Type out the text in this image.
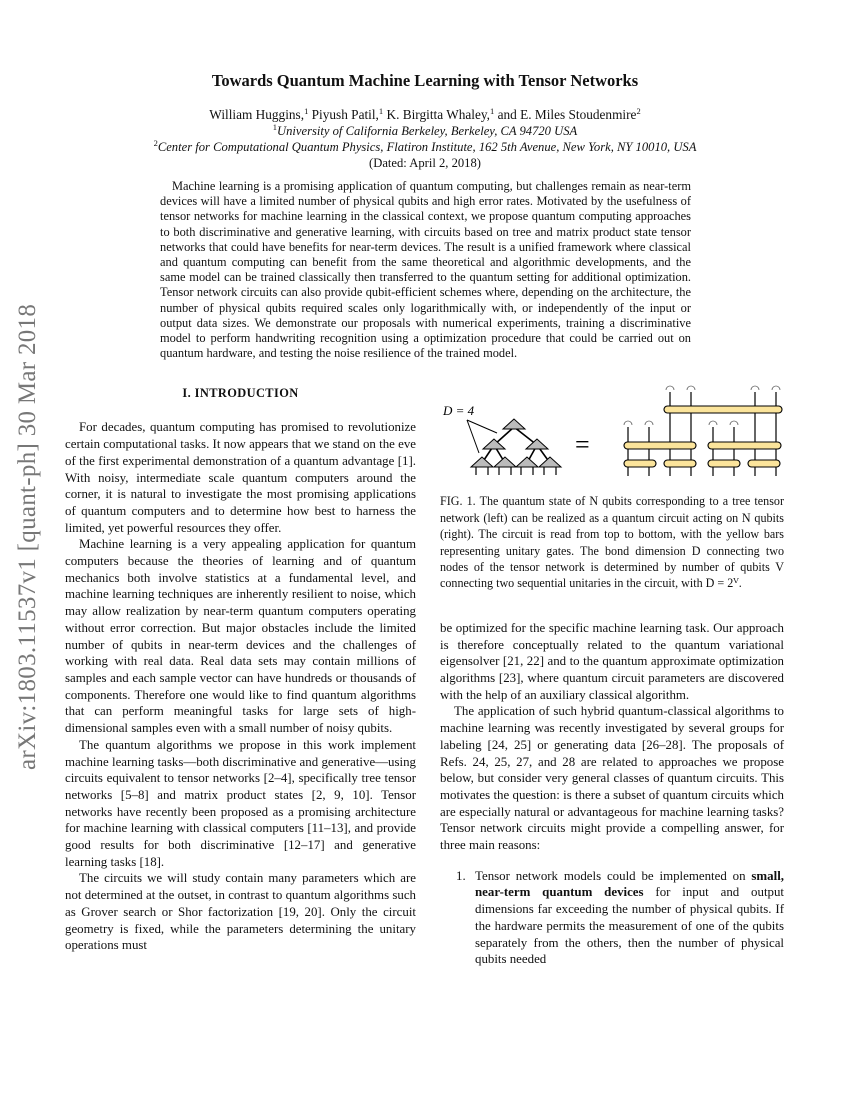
arXiv:1803.11537v1 [quant-ph] 30 Mar 2018
Towards Quantum Machine Learning with Tensor Networks
William Huggins,$^1$ Piyush Patil,$^1$ K. Birgitta Whaley,$^1$ and E. Miles Stoudenmire$^2$
$^1$University of California Berkeley, Berkeley, CA 94720 USA
$^2$Center for Computational Quantum Physics, Flatiron Institute, 162 5th Avenue, New York, NY 10010, USA
(Dated: April 2, 2018)
Machine learning is a promising application of quantum computing, but challenges remain as near-term devices will have a limited number of physical qubits and high error rates. Motivated by the usefulness of tensor networks for machine learning in the classical context, we propose quantum computing approaches to both discriminative and generative learning, with circuits based on tree and matrix product state tensor networks that could have benefits for near-term devices. The result is a unified framework where classical and quantum computing can benefit from the same theoretical and algorithmic developments, and the same model can be trained classically then transferred to the quantum setting for additional optimization. Tensor network circuits can also provide qubit-efficient schemes where, depending on the architecture, the number of physical qubits required scales only logarithmically with, or independently of the input or output data sizes. We demonstrate our proposals with numerical experiments, training a discriminative model to perform handwriting recognition using a optimization procedure that could be carried out on quantum hardware, and testing the noise resilience of the trained model.
I. INTRODUCTION

For decades, quantum computing has promised to revolutionize certain computational tasks. It now appears that we stand on the eve of the first experimental demonstration of a quantum advantage [1]. With noisy, intermediate scale quantum computers around the corner, it is natural to investigate the most promising applications of quantum computers and to determine how best to harness the limited, yet powerful resources they offer.

Machine learning is a very appealing application for quantum computers because the theories of learning and of quantum mechanics both involve statistics at a fundamental level, and machine learning techniques are inherently resilient to noise, which may allow realization by near-term quantum computers operating without error correction. But major obstacles include the limited number of qubits in near-term devices and the challenges of working with real data. Real data sets may contain millions of samples and each sample vector can have hundreds or thousands of components. Therefore one would like to find quantum algorithms that can perform meaningful tasks for large sets of high-dimensional samples even with a small number of noisy qubits.

The quantum algorithms we propose in this work implement machine learning tasks—both discriminative and generative—using circuits equivalent to tensor networks [2–4], specifically tree tensor networks [5–8] and matrix product states [2, 9, 10]. Tensor networks have recently been proposed as a promising architecture for machine learning with classical computers [11–13], and provide good results for both discriminative [12–17] and generative learning tasks [18].

The circuits we will study contain many parameters which are not determined at the outset, in contrast to quantum algorithms such as Grover search or Shor factorization [19, 20]. Only the circuit geometry is fixed, while the parameters determining the unitary operations must

D = 4
=
FIG. 1. The quantum state of N qubits corresponding to a tree tensor network (left) can be realized as a quantum circuit acting on N qubits (right). The circuit is read from top to bottom, with the yellow bars representing unitary gates. The bond dimension D connecting two nodes of the tensor network is determined by number of qubits V connecting two sequential unitaries in the circuit, with D = 2ⱽ.

be optimized for the specific machine learning task. Our approach is therefore conceptually related to the quantum variational eigensolver [21, 22] and to the quantum approximate optimization algorithms [23], where quantum circuit parameters are discovered with the help of an auxiliary classical algorithm.

The application of such hybrid quantum-classical algorithms to machine learning was recently investigated by several groups for labeling [24, 25] or generating data [26–28]. The proposals of Refs. 24, 25, 27, and 28 are related to approaches we propose below, but consider very general classes of quantum circuits. This motivates the question: is there a subset of quantum circuits which are especially natural or advantageous for machine learning tasks? Tensor network circuits might provide a compelling answer, for three main reasons:

1. Tensor network models could be implemented on small, near-term quantum devices for input and output dimensions far exceeding the number of physical qubits. If the hardware permits the measurement of one of the qubits separately from the others, then the number of physical qubits needed
